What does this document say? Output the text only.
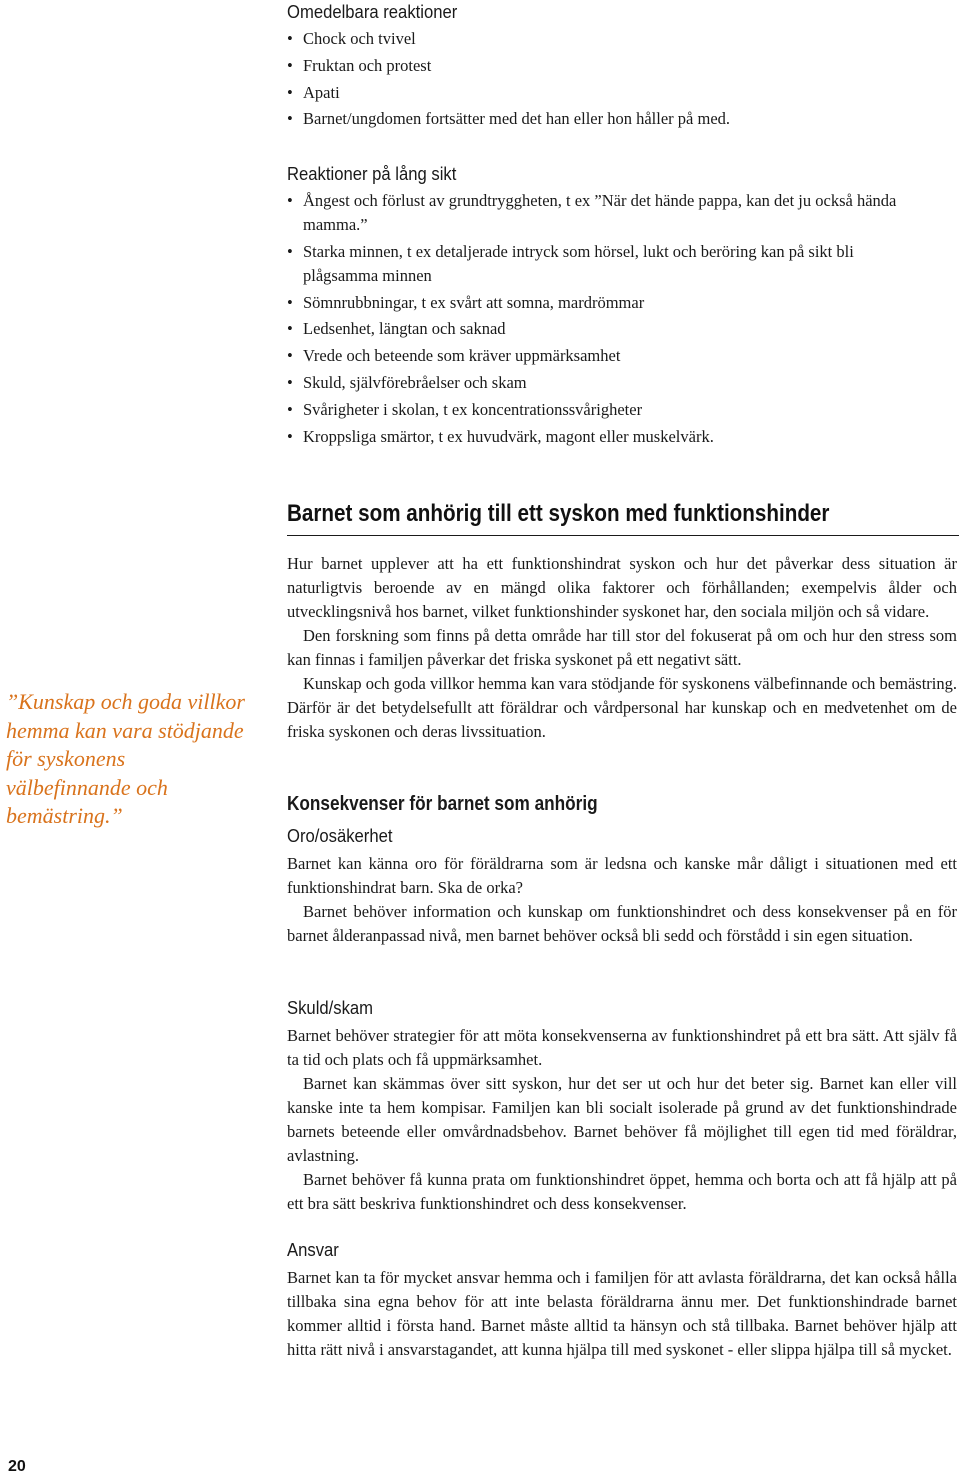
Omedelbara reaktioner
• Chock och tvivel
• Fruktan och protest
• Apati
• Barnet/ungdomen fortsätter med det han eller hon håller på med.
Reaktioner på lång sikt
• Ångest och förlust av grundtryggheten, t ex ”När det hände pappa, kan det ju också hända mamma.”
• Starka minnen, t ex detaljerade intryck som hörsel, lukt och beröring kan på sikt bli plågsamma minnen
• Sömnrubbningar, t ex svårt att somna, mardrömmar
• Ledsenhet, längtan och saknad
• Vrede och beteende som kräver uppmärksamhet
• Skuld, självförebråelser och skam
• Svårigheter i skolan, t ex koncentrationssvårigheter
• Kroppsliga smärtor, t ex huvudvärk, magont eller muskelvärk.
Barnet som anhörig till ett syskon med funktionshinder

Hur barnet upplever att ha ett funktionshindrat syskon och hur det påverkar dess situation är naturligtvis beroende av en mängd olika faktorer och förhållanden; exempelvis ålder och utvecklingsnivå hos barnet, vilket funktionshinder syskonet har, den sociala miljön och så vidare.

Den forskning som finns på detta område har till stor del fokuserat på om och hur den stress som kan finnas i familjen påverkar det friska syskonet på ett negativt sätt.

Kunskap och goda villkor hemma kan vara stödjande för syskonens välbefinnande och bemästring. Därför är det betydelsefullt att föräldrar och vårdpersonal har kunskap och en medvetenhet om de friska syskonen och deras livssituation.

Konsekvenser för barnet som anhörig
Oro/osäkerhet

Barnet kan känna oro för föräldrarna som är ledsna och kanske mår dåligt i situationen med ett funktionshindrat barn. Ska de orka?

Barnet behöver information och kunskap om funktionshindret och dess konsekvenser på en för barnet ålderanpassad nivå, men barnet behöver också bli sedd och förstådd i sin egen situation.

Skuld/skam

Barnet behöver strategier för att möta konsekvenserna av funktionshindret på ett bra sätt. Att själv få ta tid och plats och få uppmärksamhet.

Barnet kan skämmas över sitt syskon, hur det ser ut och hur det beter sig. Barnet kan eller vill kanske inte ta hem kompisar. Familjen kan bli socialt isolerade på grund av det funktionshindrade barnets beteende eller omvårdnadsbehov. Barnet behöver få möjlighet till egen tid med föräldrar, avlastning.

Barnet behöver få kunna prata om funktionshindret öppet, hemma och borta och att få hjälp att på ett bra sätt beskriva funktionshindret och dess konsekvenser.

Ansvar

Barnet kan ta för mycket ansvar hemma och i familjen för att avlasta föräldrarna, det kan också hålla tillbaka sina egna behov för att inte belasta föräldrarna ännu mer. Det funktionshindrade barnet kommer alltid i första hand. Barnet måste alltid ta hänsyn och stå tillbaka. Barnet behöver hjälp att hitta rätt nivå i ansvarstagandet, att kunna hjälpa till med syskonet - eller slippa hjälpa till så mycket.

”Kunskap och goda villkor hemma kan vara stödjande för syskonens välbefinnande och bemästring.”
20
